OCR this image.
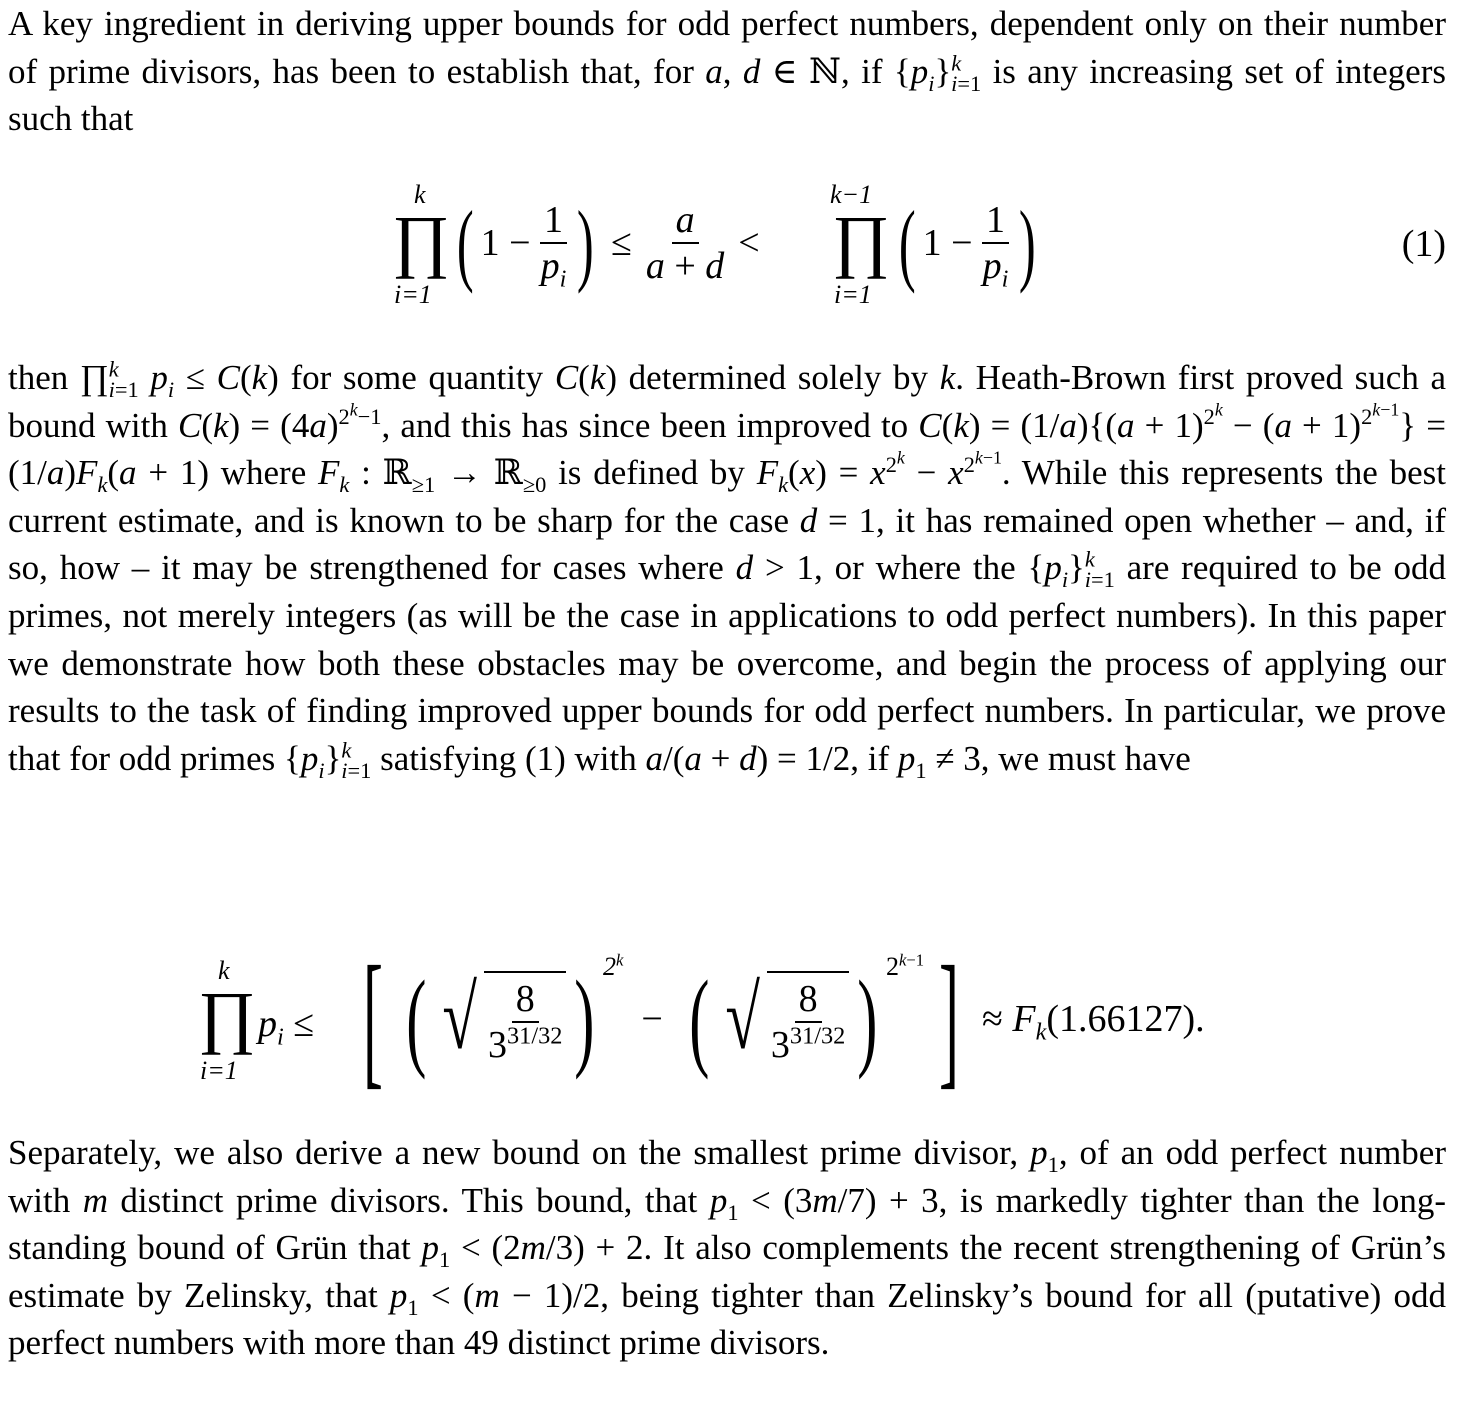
A key ingredient in deriving upper bounds for odd perfect numbers, dependent only on their number of prime divisors, has been to establish that, for a, d ∈ ℕ, if $\{p_i\}^k_{i=1}$ is any increasing set of integers such that
k
∏
i=1
( $1 - \frac{1}{p_i}$ ) ≤ $\frac{a}{a + d}$ <
k−1
∏
i=1
( $1 - \frac{1}{p_i}$ )	(1)
then ∏$^k_{i=1}$ $p_i \le C(k)$ for some quantity C(k) determined solely by k. Heath-Brown first proved such a bound with $C(k) = (4a)^{2^k-1}$, and this has since been improved to $C(k) = (1/a)\{(a + 1)^{2^k} - (a + 1)^{2^{k-1}}\} = (1/a)F_k(a + 1)$ where $F_k$ : ℝ$_{\ge 1}$ → ℝ$_{\ge 0}$ is defined by $F_k(x) = x^{2^k} - x^{2^{k-1}}$. While this represents the best current estimate, and is known to be sharp for the case d = 1, it has remained open whether – and, if so, how – it may be strengthened for cases where d > 1, or where the $\{p_i\}^k_{i=1}$ are required to be odd primes, not merely integers (as will be the case in applications to odd perfect numbers). In this paper we demonstrate how both these obstacles may be overcome, and begin the process of applying our results to the task of finding improved upper bounds for odd perfect numbers. In particular, we prove that for odd primes $\{p_i\}^k_{i=1}$ satisfying (1) with a/(a + d) = 1/2, if $p_1 \ne 3$, we must have
k
∏
i=1
$p_i$ ≤ [ ( √ $\frac{8}{3^{31/32}}$ ) $2^k$
− ( √ $\frac{8}{3^{31/32}}$ ) $2^{k-1}$ ] ≈ $F_k(1.66127)$.
Separately, we also derive a new bound on the smallest prime divisor, $p_1$, of an odd perfect number with m distinct prime divisors. This bound, that $p_1 < (3m/7) + 3$, is markedly tighter than the long-standing bound of Grün that $p_1 < (2m/3) + 2$. It also complements the recent strengthening of Grün’s estimate by Zelinsky, that $p_1 < (m - 1)/2$, being tighter than Zelinsky’s bound for all (putative) odd perfect numbers with more than 49 distinct prime divisors.
